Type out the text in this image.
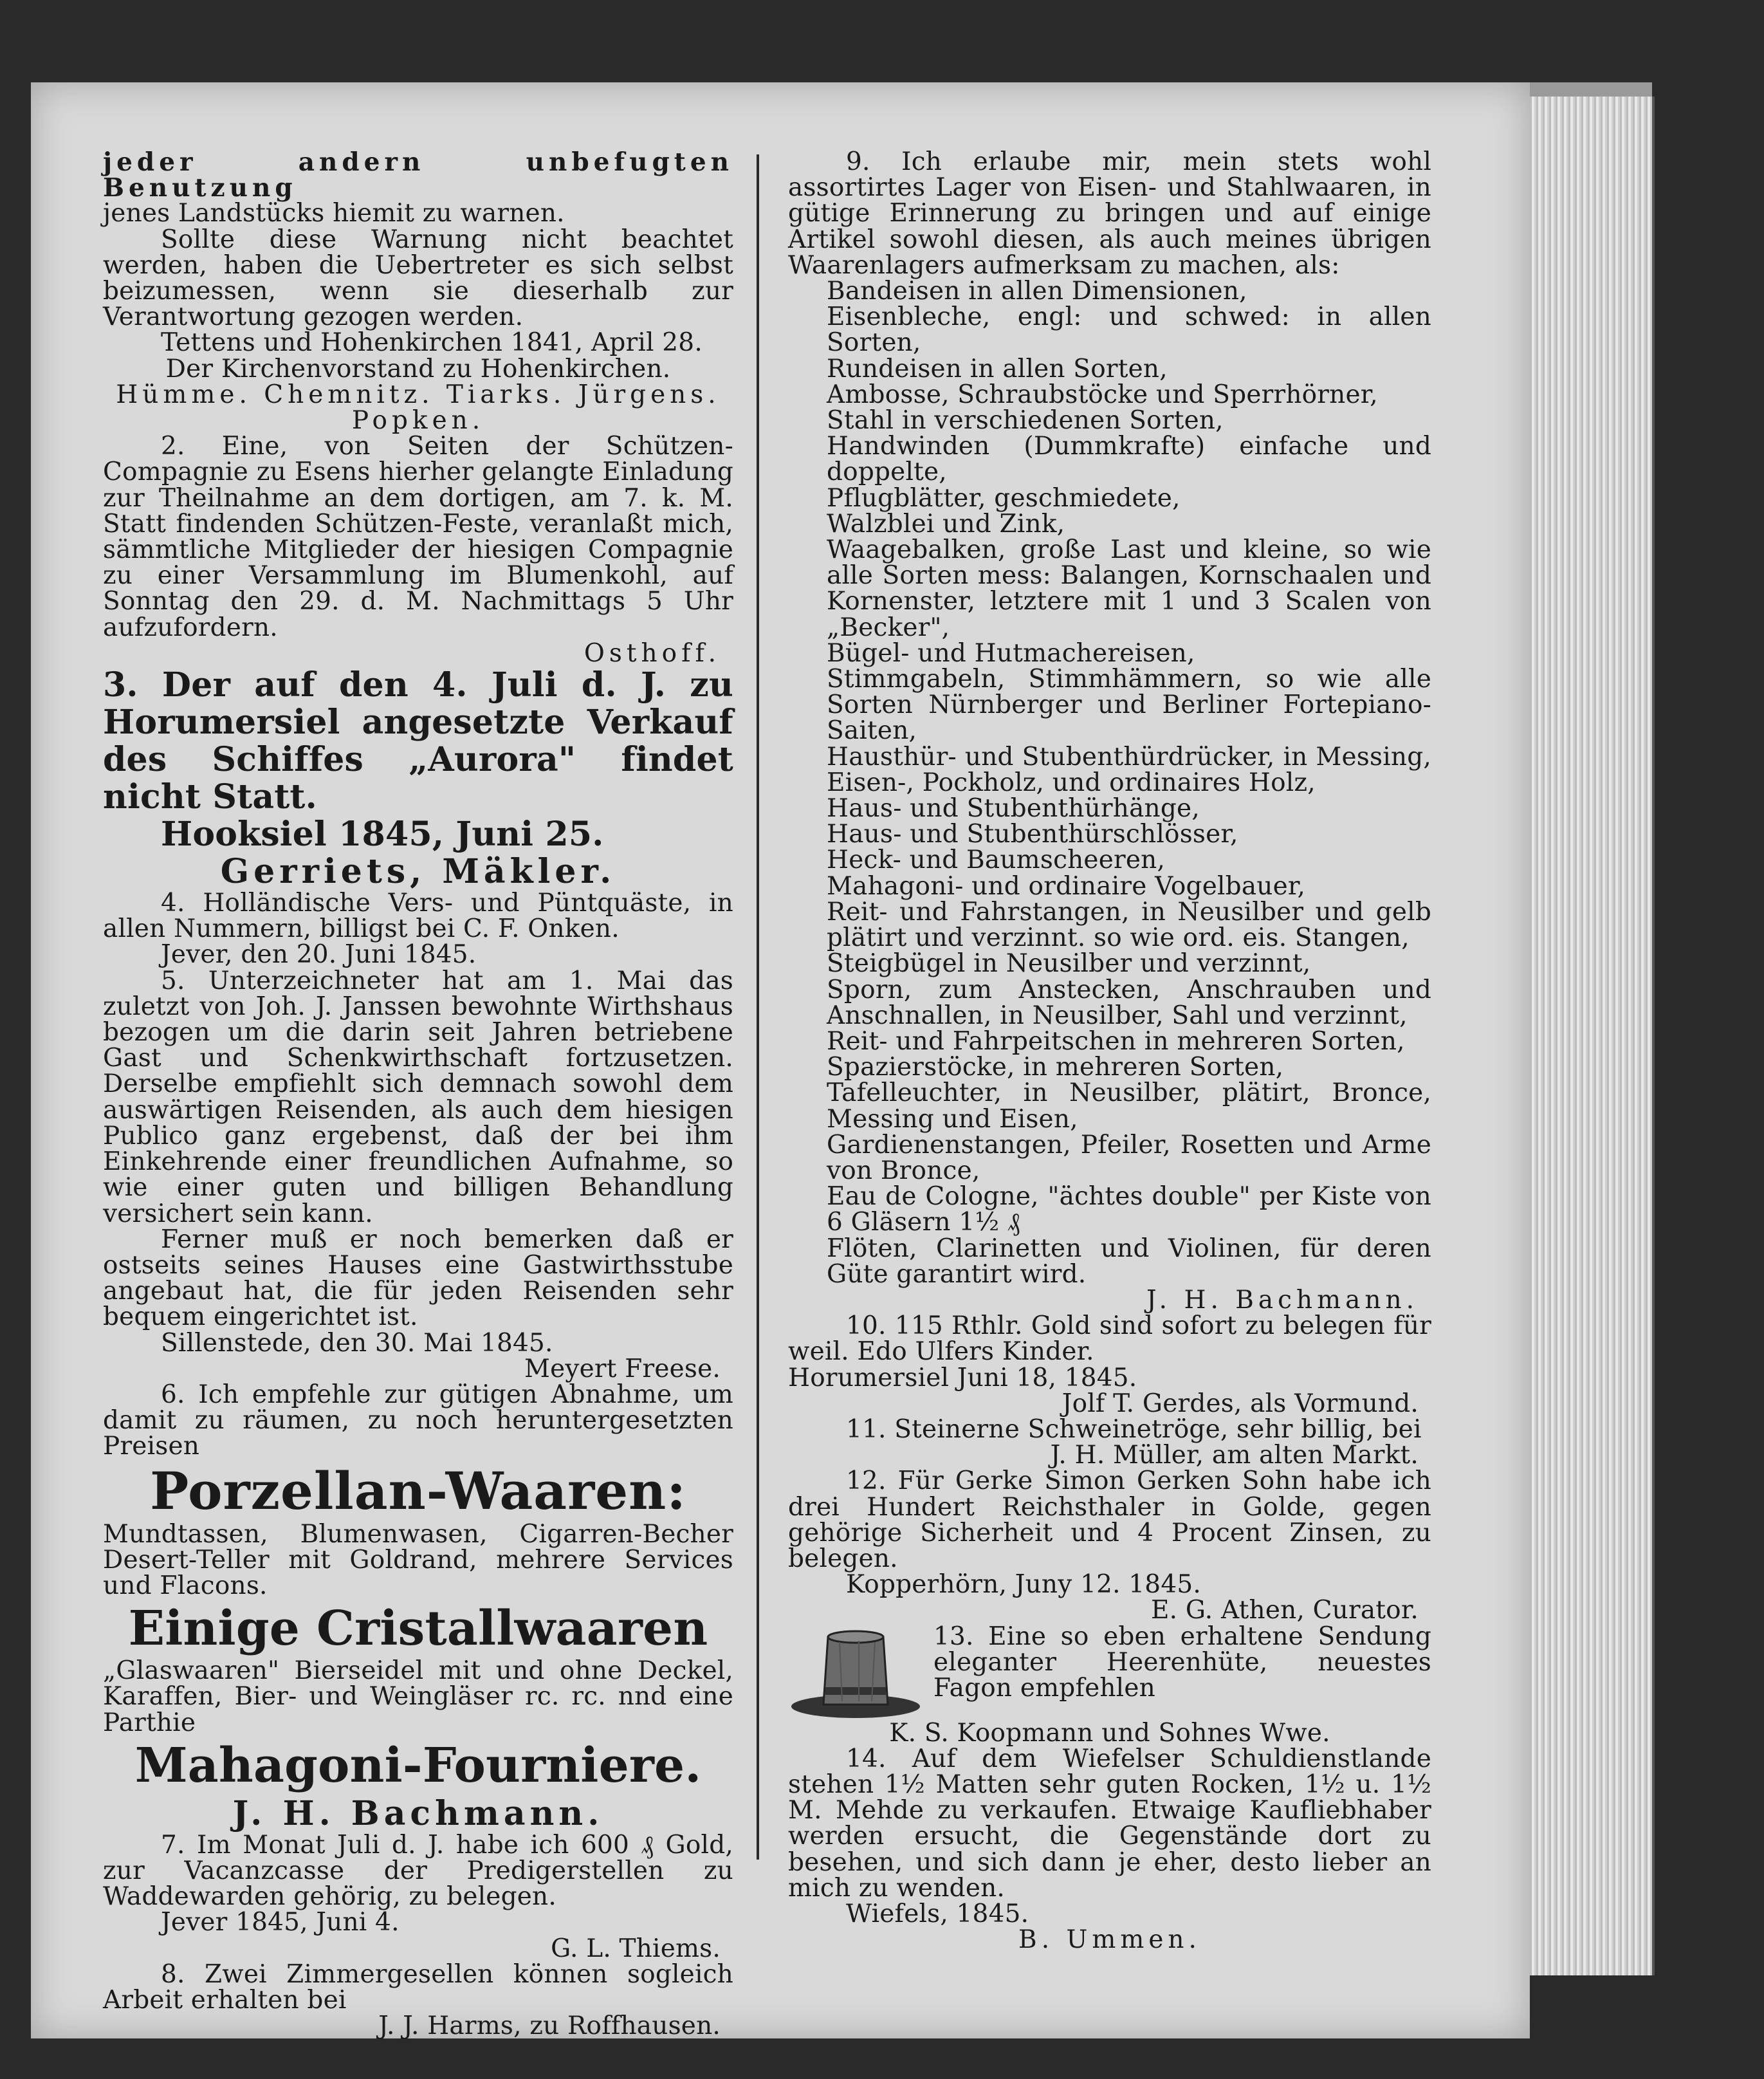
jeder andern unbefugten Benutzung

jenes Landstücks hiemit zu warnen.

Sollte diese Warnung nicht beachtet werden, haben die Uebertreter es sich selbst beizumessen, wenn sie dieserhalb zur Verantwortung gezogen werden.

Tettens und Hohenkirchen 1841, April 28.

Der Kirchenvorstand zu Hohenkirchen.

Hümme. Chemnitz. Tiarks. Jürgens. Popken.

2. Eine, von Seiten der Schützen-Compagnie zu Esens hierher gelangte Einladung zur Theilnahme an dem dortigen, am 7. k. M. Statt findenden Schützen-Feste, veranlaßt mich, sämmtliche Mitglieder der hiesigen Compagnie zu einer Versammlung im Blumenkohl, auf Sonntag den 29. d. M. Nachmittags 5 Uhr aufzufordern.

Osthoff.

3. Der auf den 4. Juli d. J. zu Horumersiel angesetzte Verkauf des Schiffes „Aurora" findet nicht Statt.

Hooksiel 1845, Juni 25.

Gerriets, Mäkler.

4. Holländische Vers- und Püntquäste, in allen Nummern, billigst bei C. F. Onken.

Jever, den 20. Juni 1845.

5. Unterzeichneter hat am 1. Mai das zuletzt von Joh. J. Janssen bewohnte Wirthshaus bezogen um die darin seit Jahren betriebene Gast und Schenkwirthschaft fortzusetzen. Derselbe empfiehlt sich demnach sowohl dem auswärtigen Reisenden, als auch dem hiesigen Publico ganz ergebenst, daß der bei ihm Einkehrende einer freundlichen Aufnahme, so wie einer guten und billigen Behandlung versichert sein kann.

Ferner muß er noch bemerken daß er ostseits seines Hauses eine Gastwirthsstube angebaut hat, die für jeden Reisenden sehr bequem eingerichtet ist.

Sillenstede, den 30. Mai 1845.

Meyert Freese.

6. Ich empfehle zur gütigen Abnahme, um damit zu räumen, zu noch heruntergesetzten Preisen

Porzellan-Waaren:

Mundtassen, Blumenwasen, Cigarren-Becher Desert-Teller mit Goldrand, mehrere Services und Flacons.

Einige Cristallwaaren

„Glaswaaren" Bierseidel mit und ohne Deckel, Karaffen, Bier- und Weingläser rc. rc. nnd eine Parthie

Mahagoni-Fourniere.

J. H. Bachmann.

7. Im Monat Juli d. J. habe ich 600 ₰ Gold, zur Vacanzcasse der Predigerstellen zu Waddewarden gehörig, zu belegen.

Jever 1845, Juni 4.

G. L. Thiems.

8. Zwei Zimmergesellen können sogleich Arbeit erhalten bei

J. J. Harms, zu Roffhausen.

9. Ich erlaube mir, mein stets wohl assortirtes Lager von Eisen- und Stahlwaaren, in gütige Erinnerung zu bringen und auf einige Artikel sowohl diesen, als auch meines übrigen Waarenlagers aufmerksam zu machen, als:

Bandeisen in allen Dimensionen,

Eisenbleche, engl: und schwed: in allen Sorten,

Rundeisen in allen Sorten,

Ambosse, Schraubstöcke und Sperrhörner,

Stahl in verschiedenen Sorten,

Handwinden (Dummkrafte) einfache und doppelte,

Pflugblätter, geschmiedete,

Walzblei und Zink,

Waagebalken, große Last und kleine, so wie alle Sorten mess: Balangen, Kornschaalen und Kornenster, letztere mit 1 und 3 Scalen von „Becker",

Bügel- und Hutmachereisen,

Stimmgabeln, Stimmhämmern, so wie alle Sorten Nürnberger und Berliner Fortepiano-Saiten,

Hausthür- und Stubenthürdrücker, in Messing, Eisen-, Pockholz, und ordinaires Holz,

Haus- und Stubenthürhänge,

Haus- und Stubenthürschlösser,

Heck- und Baumscheeren,

Mahagoni- und ordinaire Vogelbauer,

Reit- und Fahrstangen, in Neusilber und gelb plätirt und verzinnt. so wie ord. eis. Stangen,

Steigbügel in Neusilber und verzinnt,

Sporn, zum Anstecken, Anschrauben und Anschnallen, in Neusilber, Sahl und verzinnt,

Reit- und Fahrpeitschen in mehreren Sorten,

Spazierstöcke, in mehreren Sorten,

Tafelleuchter, in Neusilber, plätirt, Bronce, Messing und Eisen,

Gardienenstangen, Pfeiler, Rosetten und Arme von Bronce,

Eau de Cologne, "ächtes double" per Kiste von 6 Gläsern 1½ ₰

Flöten, Clarinetten und Violinen, für deren Güte garantirt wird.

J. H. Bachmann.

10. 115 Rthlr. Gold sind sofort zu belegen für weil. Edo Ulfers Kinder.

Horumersiel Juni 18, 1845.

Jolf T. Gerdes, als Vormund.

11. Steinerne Schweinetröge, sehr billig, bei

J. H. Müller, am alten Markt.

12. Für Gerke Simon Gerken Sohn habe ich drei Hundert Reichsthaler in Golde, gegen gehörige Sicherheit und 4 Procent Zinsen, zu belegen.

Kopperhörn, Juny 12. 1845.

E. G. Athen, Curator.

13. Eine so eben erhaltene Sendung eleganter Heerenhüte, neuestes Fagon empfehlen

K. S. Koopmann und Sohnes Wwe.

14. Auf dem Wiefelser Schuldienstlande stehen 1½ Matten sehr guten Rocken, 1½ u. 1½ M. Mehde zu verkaufen. Etwaige Kaufliebhaber werden ersucht, die Gegenstände dort zu besehen, und sich dann je eher, desto lieber an mich zu wenden.

Wiefels, 1845.

B. Ummen.
